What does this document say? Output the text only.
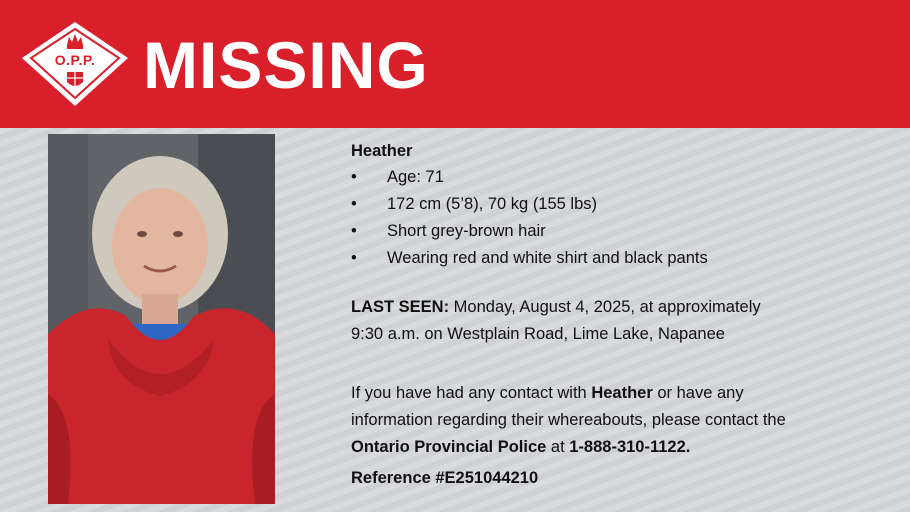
O.P.P. MISSING
Heather
• Age: 71
• 172 cm (5’8), 70 kg (155 lbs)
• Short grey-brown hair
• Wearing red and white shirt and black pants
LAST SEEN: Monday, August 4, 2025, at approximately
9:30 a.m. on Westplain Road, Lime Lake, Napanee
If you have had any contact with Heather or have any
information regarding their whereabouts, please contact the
Ontario Provincial Police at 1-888-310-1122.
Reference #E251044210
